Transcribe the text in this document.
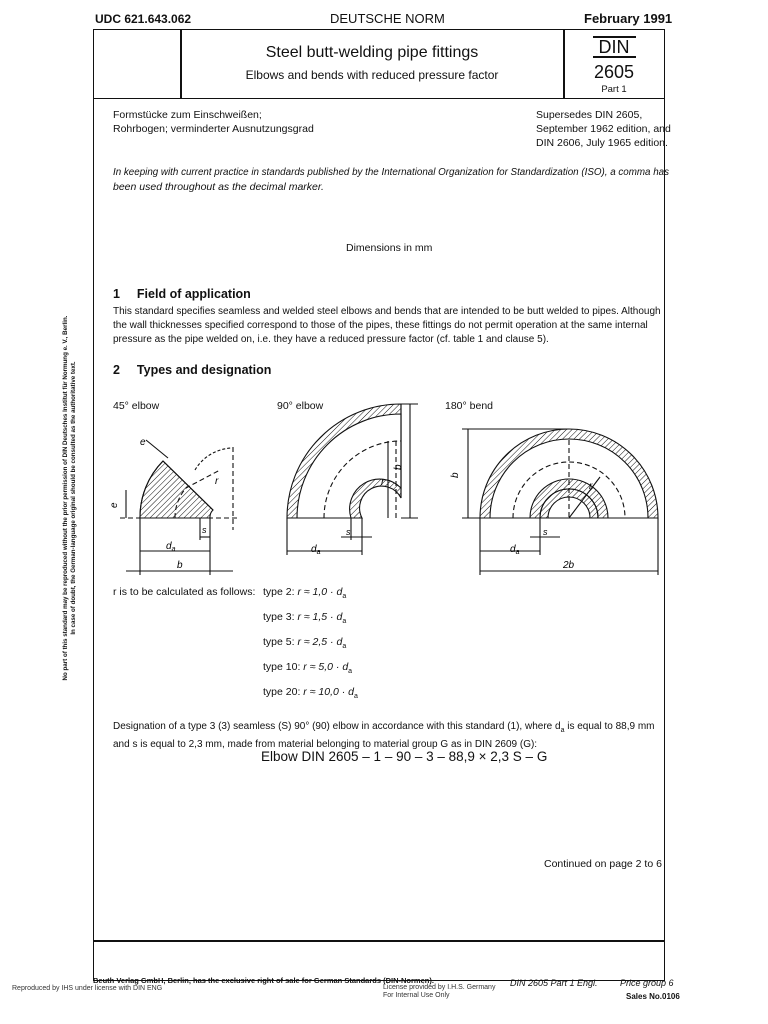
UDC 621.643.062	DEUTSCHE NORM	February 1991
Steel butt-welding pipe fittings
Elbows and bends with reduced pressure factor
DIN
2605
Part 1
Formstücke zum Einschweißen;
Rohrbogen; verminderter Ausnutzungsgrad
Supersedes DIN 2605,
September 1962 edition, and
DIN 2606, July 1965 edition.
In keeping with current practice in standards published by the International Organization for Standardization (ISO), a comma has
been used throughout as the decimal marker.
Dimensions in mm
1 Field of application
This standard specifies seamless and welded steel elbows and bends that are intended to be butt welded to pipes. Although
the wall thicknesses specified correspond to those of the pipes, these fittings do not permit operation at the same internal
pressure as the pipe welded on, i.e. they have a reduced pressure factor (cf. table 1 and clause 5).
2 Types and designation
45° elbow	90° elbow	180° bend
e
e
r
$d_a$
s
b
b
r
$d_a$
s
b
r
$d_a$
s
2b
r is to be calculated as follows: type 2: $r \approx 1,0 \cdot d_a$
type 3: $r \approx 1,5 \cdot d_a$
type 5: $r \approx 2,5 \cdot d_a$
type 10: $r \approx 5,0 \cdot d_a$
type 20: $r \approx 10,0 \cdot d_a$
Designation of a type 3 (3) seamless (S) 90° (90) elbow in accordance with this standard (1), where $d_a$ is equal to 88,9 mm
and s is equal to 2,3 mm, made from material belonging to material group G as in DIN 2609 (G):
Elbow DIN 2605 – 1 – 90 – 3 – 88,9 × 2,3 S – G
Continued on page 2 to 6
Beuth Verlag GmbH, Berlin, has the exclusive right of sale for German Standards (DIN-Normen).	DIN 2605 Part 1 Engl. Price group 6
Sales No.0106
Reproduced by IHS under license with DIN ENG	License provided by I.H.S. Germany
For Internal Use Only
No part of this standard may be reproduced without the prior permission of DIN Deutsches Institut für Normung e. V., Berlin. In case of doubt, the German-language original should be consulted as the authoritative text.
